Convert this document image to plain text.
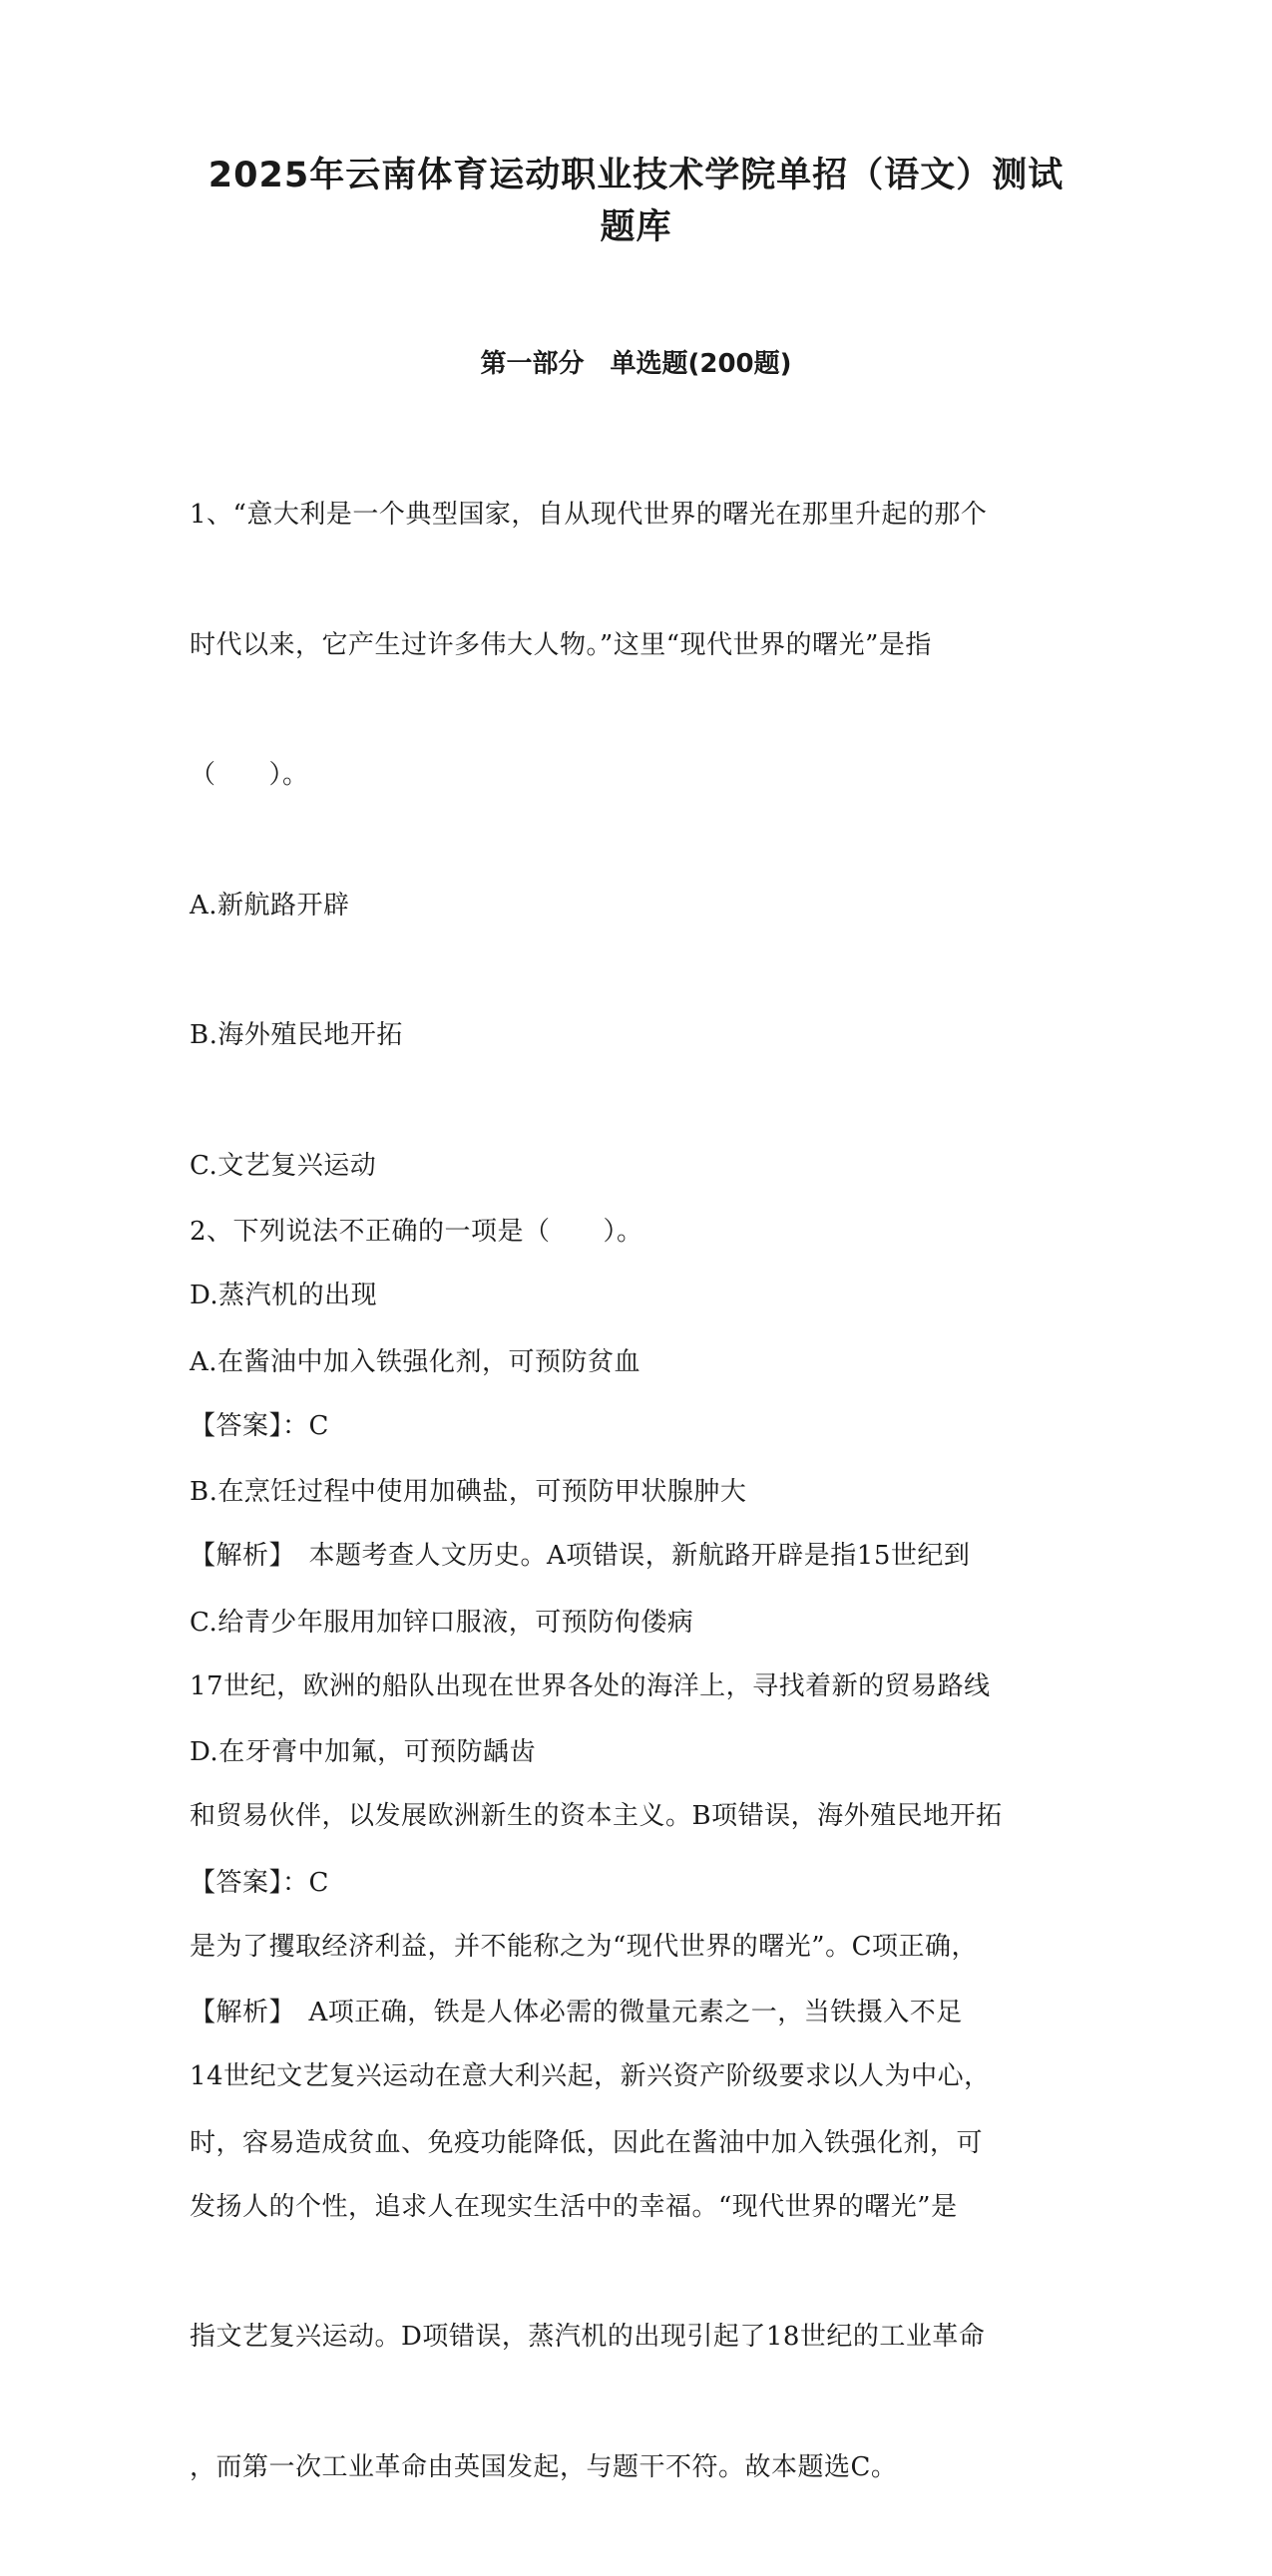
2025年云南体育运动职业技术学院单招（语文）测试
题库
第一部分　单选题(200题)

1、“意大利是一个典型国家，自从现代世界的曙光在那里升起的那个

时代以来，它产生过许多伟大人物。”这里“现代世界的曙光”是指

（　　）。

A.新航路开辟

B.海外殖民地开拓

C.文艺复兴运动

D.蒸汽机的出现

【答案】：C

【解析】　本题考查人文历史。A项错误，新航路开辟是指15世纪到

17世纪，欧洲的船队出现在世界各处的海洋上，寻找着新的贸易路线

和贸易伙伴，以发展欧洲新生的资本主义。B项错误，海外殖民地开拓

是为了攫取经济利益，并不能称之为“现代世界的曙光”。C项正确，

14世纪文艺复兴运动在意大利兴起，新兴资产阶级要求以人为中心，

发扬人的个性，追求人在现实生活中的幸福。“现代世界的曙光”是

指文艺复兴运动。D项错误，蒸汽机的出现引起了18世纪的工业革命

，而第一次工业革命由英国发起，与题干不符。故本题选C。

2、下列说法不正确的一项是（　　）。

A.在酱油中加入铁强化剂，可预防贫血

B.在烹饪过程中使用加碘盐，可预防甲状腺肿大

C.给青少年服用加锌口服液，可预防佝偻病

D.在牙膏中加氟，可预防龋齿

【答案】：C

【解析】　A项正确，铁是人体必需的微量元素之一，当铁摄入不足

时，容易造成贫血、免疫功能降低，因此在酱油中加入铁强化剂，可
